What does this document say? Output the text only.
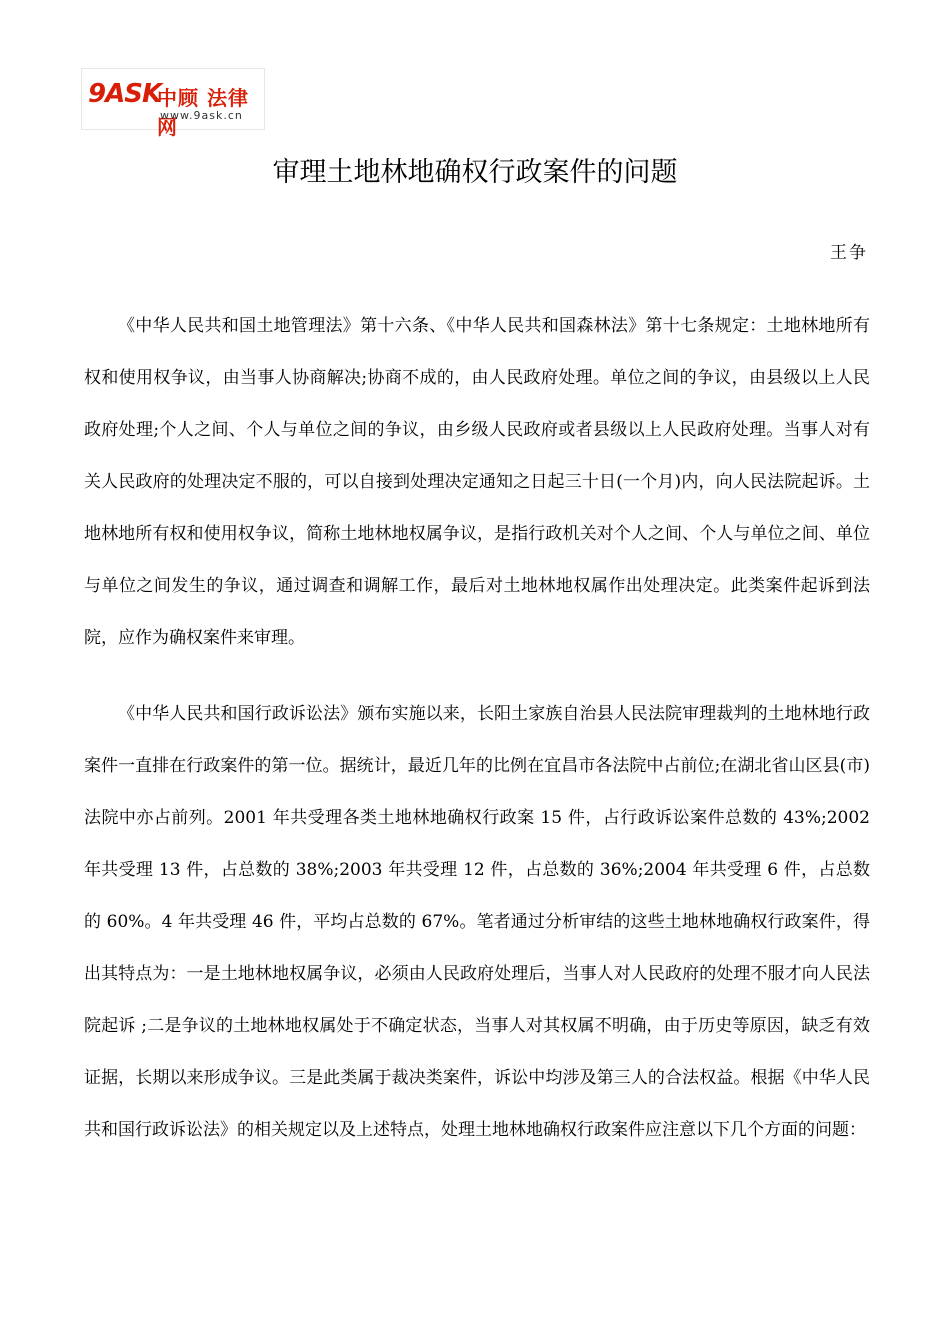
9ASK
中顾 法律网
www.9ask.cn
审理土地林地确权行政案件的问题
王争

《中华人民共和国土地管理法》第十六条、《中华人民共和国森林法》第十七条规定：土地林地所有权和使用权争议，由当事人协商解决;协商不成的，由人民政府处理。单位之间的争议，由县级以上人民政府处理;个人之间、个人与单位之间的争议，由乡级人民政府或者县级以上人民政府处理。当事人对有关人民政府的处理决定不服的，可以自接到处理决定通知之日起三十日(一个月)内，向人民法院起诉。土地林地所有权和使用权争议，简称土地林地权属争议，是指行政机关对个人之间、个人与单位之间、单位与单位之间发生的争议，通过调查和调解工作，最后对土地林地权属作出处理决定。此类案件起诉到法院，应作为确权案件来审理。

《中华人民共和国行政诉讼法》颁布实施以来，长阳土家族自治县人民法院审理裁判的土地林地行政案件一直排在行政案件的第一位。据统计，最近几年的比例在宜昌市各法院中占前位;在湖北省山区县(市)法院中亦占前列。2001 年共受理各类土地林地确权行政案 15 件，占行政诉讼案件总数的 43%;2002 年共受理 13 件，占总数的 38%;2003 年共受理 12 件，占总数的 36%;2004 年共受理 6 件，占总数的 60%。4 年共受理 46 件，平均占总数的 67%。笔者通过分析审结的这些土地林地确权行政案件，得出其特点为：一是土地林地权属争议，必须由人民政府处理后，当事人对人民政府的处理不服才向人民法院起诉 ;二是争议的土地林地权属处于不确定状态，当事人对其权属不明确，由于历史等原因，缺乏有效证据，长期以来形成争议。三是此类属于裁决类案件，诉讼中均涉及第三人的合法权益。根据《中华人民共和国行政诉讼法》的相关规定以及上述特点，处理土地林地确权行政案件应注意以下几个方面的问题：
